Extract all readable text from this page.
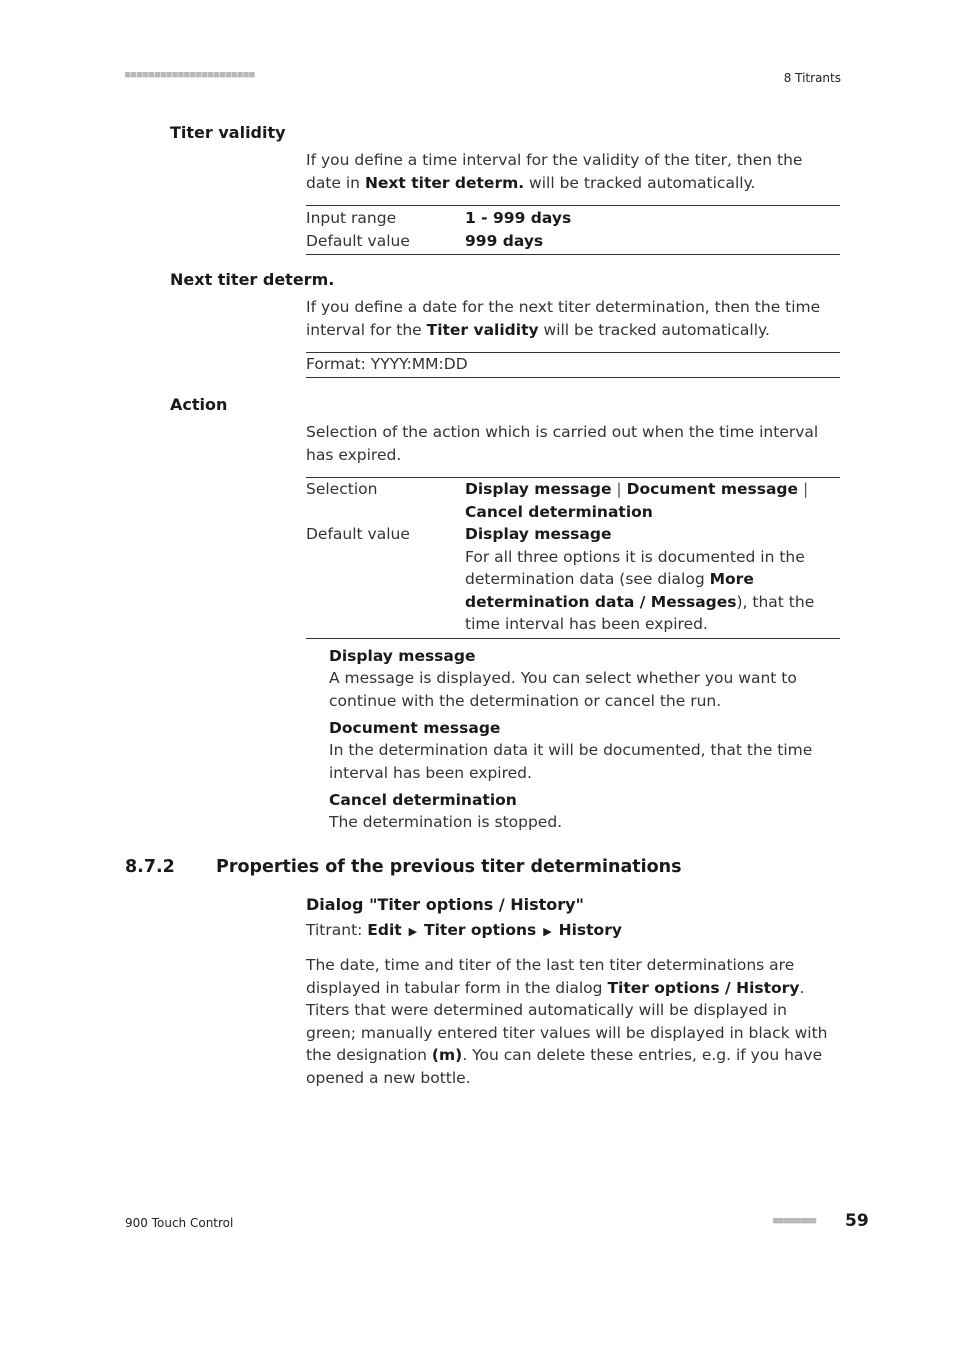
■■■■■■■■■■■■■■■■■■■■■■	8 Titrants
Titer validity
If you define a time interval for the validity of the titer, then the date in Next titer determ. will be tracked automatically.
Input range	1 - 999 days
Default value	999 days
Next titer determ.
If you define a date for the next titer determination, then the time interval for the Titer validity will be tracked automatically.
Format: YYYY:MM:DD
Action
Selection of the action which is carried out when the time interval has expired.
Selection	Display message | Document message | Cancel determination
Default value	Display message
For all three options it is documented in the determination data (see dialog More determination data / Messages), that the time interval has been expired.
Display message
A message is displayed. You can select whether you want to continue with the determination or cancel the run.
Document message
In the determination data it will be documented, that the time interval has been expired.
Cancel determination
The determination is stopped.
8.7.2 Properties of the previous titer determinations
Dialog "Titer options / History"
Titrant: Edit ▶ Titer options ▶ History
The date, time and titer of the last ten titer determinations are displayed in tabular form in the dialog Titer options / History. Titers that were determined automatically will be displayed in green; manually entered titer values will be displayed in black with the designation (m). You can delete these entries, e.g. if you have opened a new bottle.
900 Touch Control	■■■■■■■■ 59
